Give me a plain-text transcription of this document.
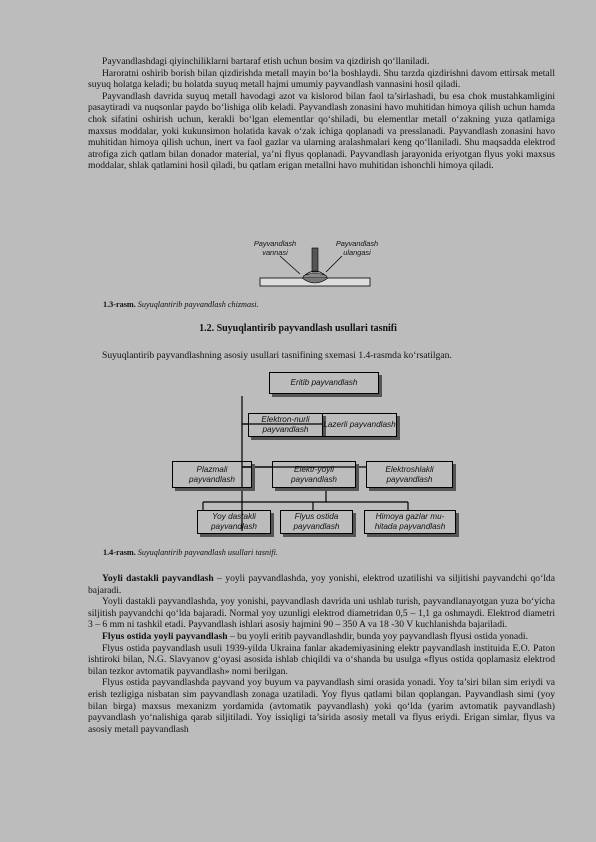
Payvandlashdagi qiyinchiliklarni bartaraf etish uchun bosim va qizdirish qo‘llaniladi.

Haroratni oshirib borish bilan qizdirishda metall mayin bo‘la boshlaydi. Shu tarzda qizdirishni davom ettirsak metall suyuq holatga keladi; bu holatda suyuq metall hajmi umumiy payvandlash vannasini hosil qiladi.

Payvandlash davrida suyuq metall havodagi azot va kislorod bilan faol ta’sirlashadi, bu esa chok mustahkamligini pasaytiradi va nuqsonlar paydo bo‘lishiga olib keladi. Payvandlash zonasini havo muhitidan himoya qilish uchun hamda chok sifatini oshirish uchun, kerakli bo‘lgan elementlar qo‘shiladi, bu elementlar metall o‘zakning yuza qatlamiga maxsus moddalar, yoki kukunsimon holatida kavak o‘zak ichiga qoplanadi va presslanadi. Payvandlash zonasini havo muhitidan himoya qilish uchun, inert va faol gazlar va ularning aralashmalari keng qo‘llaniladi. Shu maqsadda elektrod atrofiga zich qatlam bilan donador material, ya’ni flyus qoplanadi. Payvandlash jarayonida eriyotgan flyus yoki maxsus moddalar, shlak qatlamini hosil qiladi, bu qatlam erigan metallni havo muhitidan ishonchli himoya qiladi.

Payvandlash vannasi
Payvandlash ulangasi
1.3-rasm. Suyuqlantirib payvandlash chizmasi.
1.2. Suyuqlantirib payvandlash usullari tasnifi

Suyuqlantirib payvandlashning asosiy usullari tasnifining sxemasi 1.4-rasmda ko‘rsatilgan.

Eritib payvandlash
Elektron-nurli payvandlash
Lazerli payvandlash
Plazmali payvandlash
Elektr-yoyli payvandlash
Elektroshlakli payvandlash
Yoy dastakli payvandlash
Flyus ostida payvandlash
Himoya gazlar mu- hitada payvandlash
1.4-rasm. Suyuqlantirib payvandlash usullari tasnifi.

Yoyli dastakli payvandlash – yoyli payvandlashda, yoy yonishi, elektrod uzatilishi va siljitishi payvandchi qo‘lda bajaradi.

Yoyli dastakli payvandlashda, yoy yonishi, payvandlash davrida uni ushlab turish, payvandlanayotgan yuza bo‘yicha siljitish payvandchi qo‘lda bajaradi. Normal yoy uzunligi elektrod diametridan 0,5 – 1,1 ga oshmaydi. Elektrod diametri 3 – 6 mm ni tashkil etadi. Payvandlash ishlari asosiy hajmini 90 – 350 A va 18 -30 V kuchlanishda bajariladi.

Flyus ostida yoyli payvandlash – bu yoyli eritib payvandlashdir, bunda yoy payvandlash flyusi ostida yonadi.

Flyus ostida payvandlash usuli 1939-yilda Ukraina fanlar akademiyasining elektr payvandlash instituida E.O. Paton ishtiroki bilan, N.G. Slavyanov g‘oyasi asosida ishlab chiqildi va o‘shanda bu usulga «flyus ostida qoplamasiz elektrod bilan tezkor avtomatik payvandlash» nomi berilgan.

Flyus ostida payvandlashda payvand yoy buyum va payvandlash simi orasida yonadi. Yoy ta’siri bilan sim eriydi va erish tezligiga nisbatan sim payvandlash zonaga uzatiladi. Yoy flyus qatlami bilan qoplangan. Payvandlash simi (yoy bilan birga) maxsus mexanizm yordamida (avtomatik payvandlash) yoki qo‘lda (yarim avtomatik payvandlash) payvandlash yo‘nalishiga qarab siljitiladi. Yoy issiqligi ta’sirida asosiy metall va flyus eriydi. Erigan simlar, flyus va asosiy metall payvandlash
